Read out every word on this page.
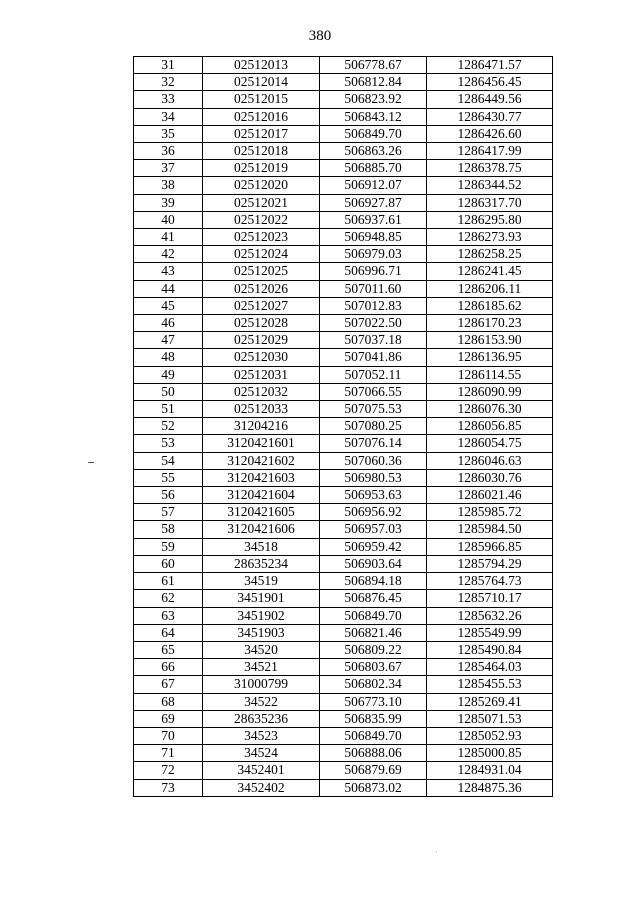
380
31	02512013	506778.67	1286471.57
32	02512014	506812.84	1286456.45
33	02512015	506823.92	1286449.56
34	02512016	506843.12	1286430.77
35	02512017	506849.70	1286426.60
36	02512018	506863.26	1286417.99
37	02512019	506885.70	1286378.75
38	02512020	506912.07	1286344.52
39	02512021	506927.87	1286317.70
40	02512022	506937.61	1286295.80
41	02512023	506948.85	1286273.93
42	02512024	506979.03	1286258.25
43	02512025	506996.71	1286241.45
44	02512026	507011.60	1286206.11
45	02512027	507012.83	1286185.62
46	02512028	507022.50	1286170.23
47	02512029	507037.18	1286153.90
48	02512030	507041.86	1286136.95
49	02512031	507052.11	1286114.55
50	02512032	507066.55	1286090.99
51	02512033	507075.53	1286076.30
52	31204216	507080.25	1286056.85
53	3120421601	507076.14	1286054.75
54	3120421602	507060.36	1286046.63
55	3120421603	506980.53	1286030.76
56	3120421604	506953.63	1286021.46
57	3120421605	506956.92	1285985.72
58	3120421606	506957.03	1285984.50
59	34518	506959.42	1285966.85
60	28635234	506903.64	1285794.29
61	34519	506894.18	1285764.73
62	3451901	506876.45	1285710.17
63	3451902	506849.70	1285632.26
64	3451903	506821.46	1285549.99
65	34520	506809.22	1285490.84
66	34521	506803.67	1285464.03
67	31000799	506802.34	1285455.53
68	34522	506773.10	1285269.41
69	28635236	506835.99	1285071.53
70	34523	506849.70	1285052.93
71	34524	506888.06	1285000.85
72	3452401	506879.69	1284931.04
73	3452402	506873.02	1284875.36
